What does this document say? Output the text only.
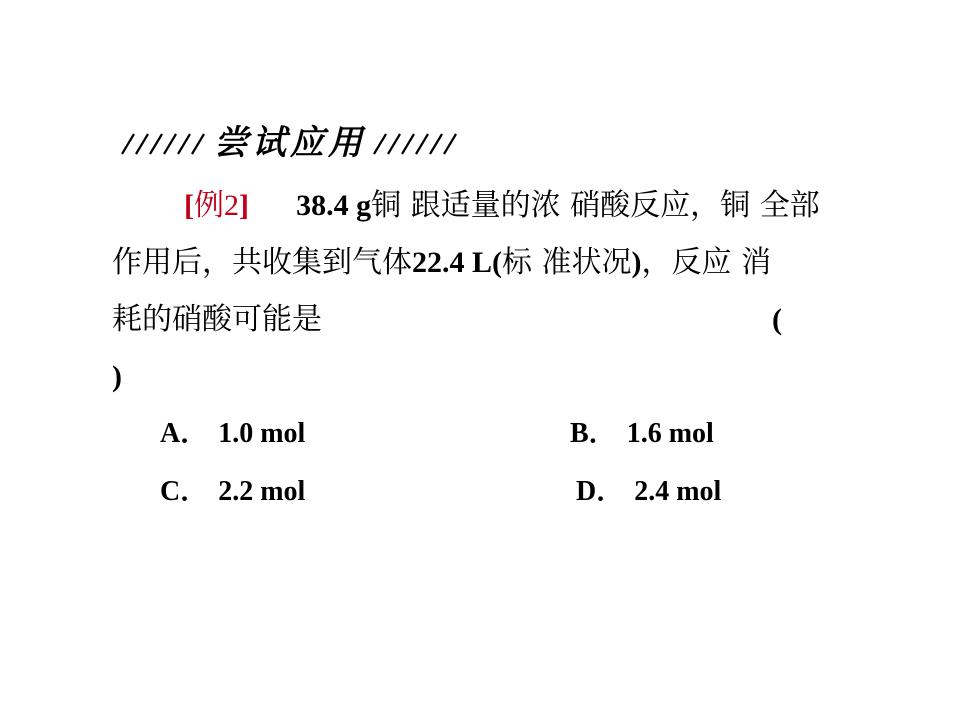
尝试应用
[例2] 38.4 g铜 跟适量的浓 硝酸反应，铜 全部
作用后，共收集到气体22.4 L(标 准状况)，反应 消
耗的硝酸可能是	(
)
A． 1.0 mol	B． 1.6 mol
C． 2.2 mol	D． 2.4 mol
